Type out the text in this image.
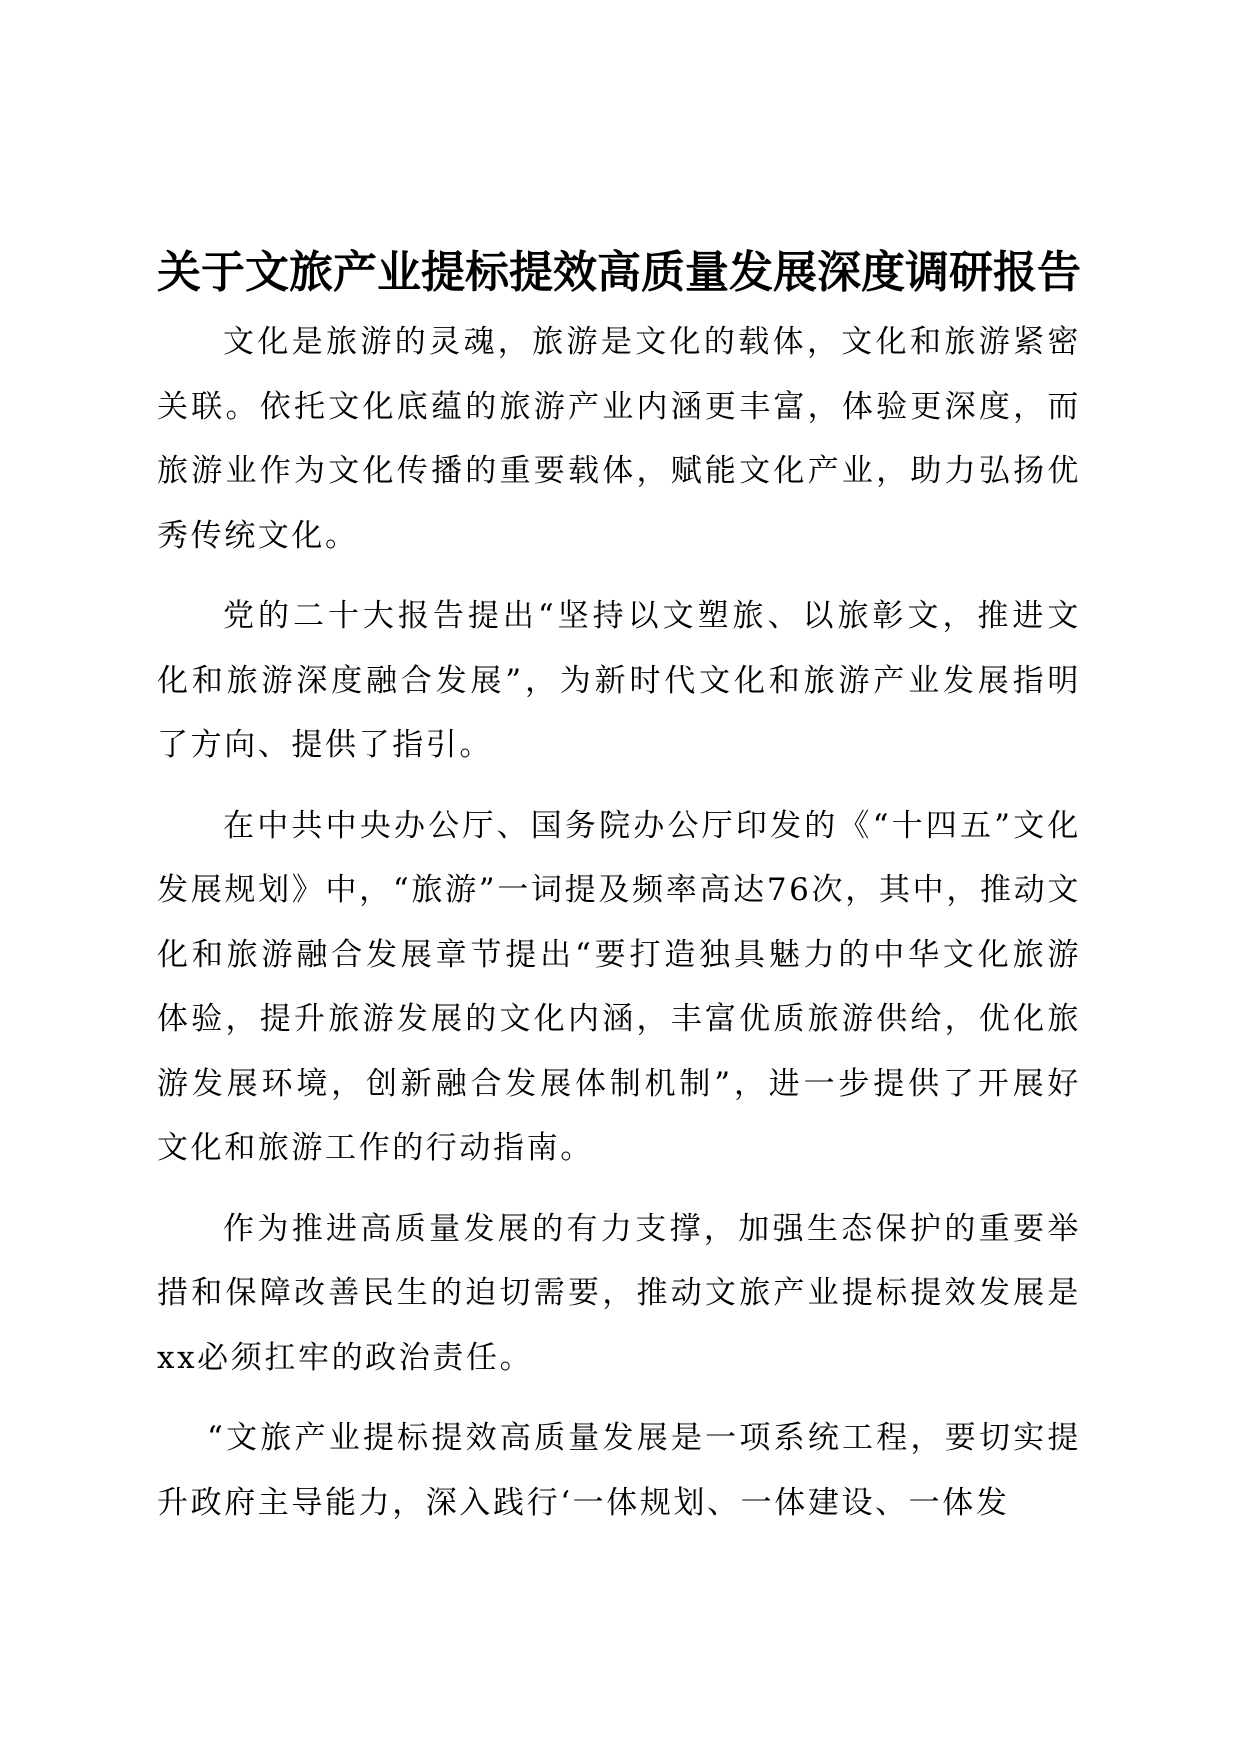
关于文旅产业提标提效高质量发展深度调研报告

文化是旅游的灵魂，旅游是文化的载体，文化和旅游紧密关联。依托文化底蕴的旅游产业内涵更丰富，体验更深度，而旅游业作为文化传播的重要载体，赋能文化产业，助力弘扬优秀传统文化。

党的二十大报告提出“坚持以文塑旅、以旅彰文，推进文化和旅游深度融合发展”，为新时代文化和旅游产业发展指明了方向、提供了指引。

在中共中央办公厅、国务院办公厅印发的《“十四五”文化发展规划》中，“旅游”一词提及频率高达76次，其中，推动文化和旅游融合发展章节提出“要打造独具魅力的中华文化旅游体验，提升旅游发展的文化内涵，丰富优质旅游供给，优化旅游发展环境，创新融合发展体制机制”，进一步提供了开展好文化和旅游工作的行动指南。

作为推进高质量发展的有力支撑，加强生态保护的重要举措和保障改善民生的迫切需要，推动文旅产业提标提效发展是xx必须扛牢的政治责任。

“文旅产业提标提效高质量发展是一项系统工程，要切实提升政府主导能力，深入践行‘一体规划、一体建设、一体发
